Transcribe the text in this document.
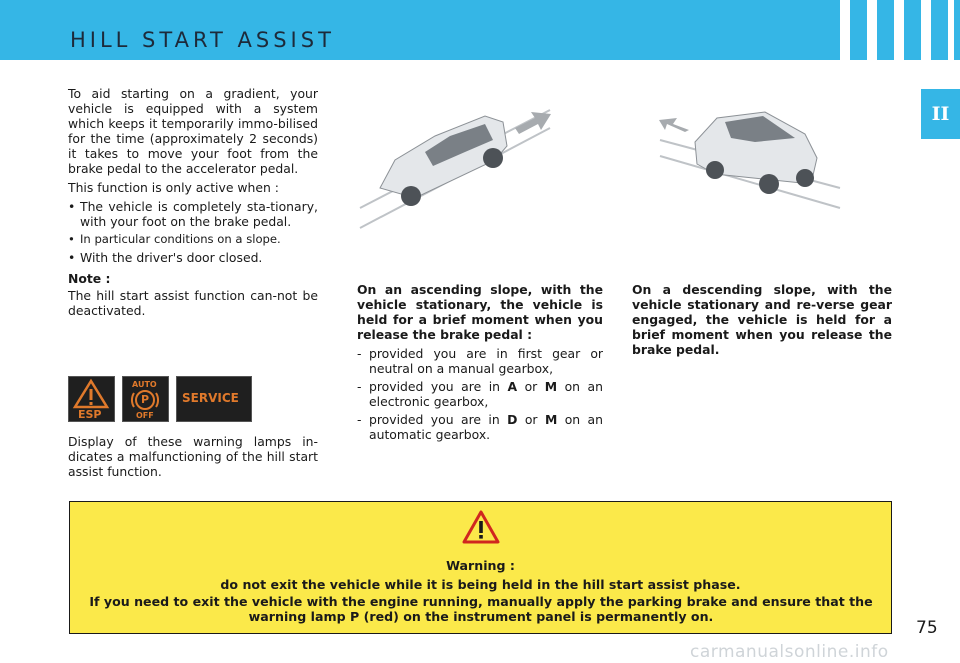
HILL START ASSIST
II

To aid starting on a gradient, your vehicle is equipped with a system which keeps it temporarily immo-bilised for the time (approximately 2 seconds) it takes to move your foot from the brake pedal to the accelerator pedal.

This function is only active when :

• The vehicle is completely sta-tionary, with your foot on the brake pedal.
• In particular conditions on a slope.
• With the driver's door closed.

Note :

The hill start assist function can-not be deactivated.

ESP
AUTO
P
OFF
SERVICE
Display of these warning lamps in-dicates a malfunctioning of the hill start assist function.

On an ascending slope, with the vehicle stationary, the vehicle is held for a brief moment when you release the brake pedal :

- provided you are in first gear or neutral on a manual gearbox,
- provided you are in A or M on an electronic gearbox,
- provided you are in D or M on an automatic gearbox.
On a descending slope, with the vehicle stationary and re-verse gear engaged, the vehicle is held for a brief moment when you release the brake pedal.
Warning :
do not exit the vehicle while it is being held in the hill start assist phase.
If you need to exit the vehicle with the engine running, manually apply the parking brake and ensure that the warning lamp P (red) on the instrument panel is permanently on.
75
carmanualsonline.info
